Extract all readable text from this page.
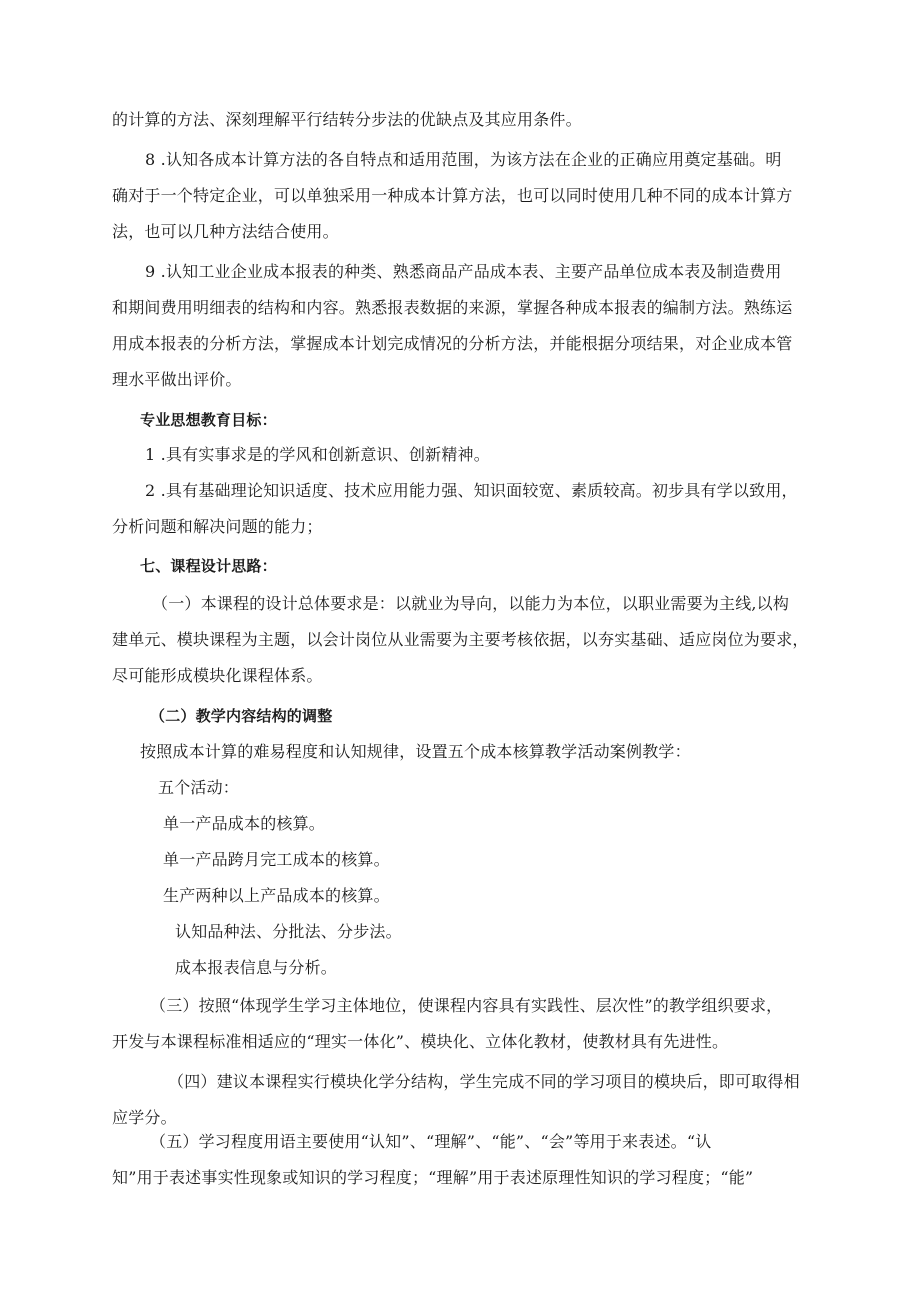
的计算的方法、深刻理解平行结转分步法的优缺点及其应用条件。
8 .认知各成本计算方法的各自特点和适用范围，为该方法在企业的正确应用奠定基础。明
确对于一个特定企业，可以单独采用一种成本计算方法，也可以同时使用几种不同的成本计算方
法，也可以几种方法结合使用。
9 .认知工业企业成本报表的种类、熟悉商品产品成本表、主要产品单位成本表及制造费用
和期间费用明细表的结构和内容。熟悉报表数据的来源，掌握各种成本报表的编制方法。熟练运
用成本报表的分析方法，掌握成本计划完成情况的分析方法，并能根据分项结果，对企业成本管
理水平做出评价。
专业思想教育目标：
1 .具有实事求是的学风和创新意识、创新精神。
2 .具有基础理论知识适度、技术应用能力强、知识面较宽、素质较高。初步具有学以致用，
分析问题和解决问题的能力；
七、课程设计思路：
（一）本课程的设计总体要求是：以就业为导向，以能力为本位，以职业需要为主线,以构
建单元、模块课程为主题，以会计岗位从业需要为主要考核依据，以夯实基础、适应岗位为要求，
尽可能形成模块化课程体系。
（二）教学内容结构的调整
按照成本计算的难易程度和认知规律，设置五个成本核算教学活动案例教学：
五个活动：
单一产品成本的核算。
单一产品跨月完工成本的核算。
生产两种以上产品成本的核算。
认知品种法、分批法、分步法。
成本报表信息与分析。
（三）按照“体现学生学习主体地位，使课程内容具有实践性、层次性”的教学组织要求，
开发与本课程标准相适应的“理实一体化”、模块化、立体化教材，使教材具有先进性。
（四）建议本课程实行模块化学分结构，学生完成不同的学习项目的模块后，即可取得相
应学分。
（五）学习程度用语主要使用“认知”、“理解”、“能”、“会”等用于来表述。“认
知”用于表述事实性现象或知识的学习程度；“理解”用于表述原理性知识的学习程度；“能”
